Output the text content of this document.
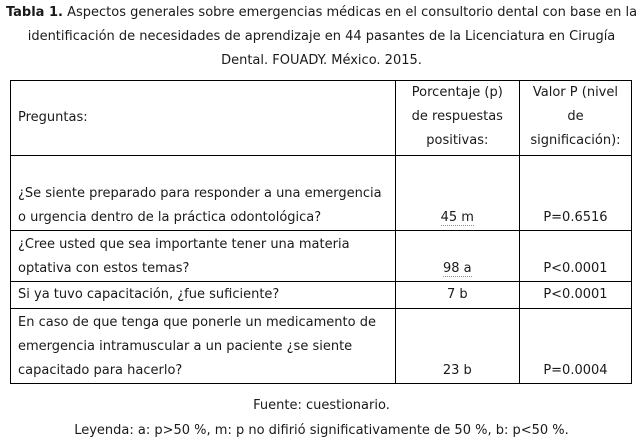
Tabla 1. Aspectos generales sobre emergencias médicas en el consultorio dental con base en la identificación de necesidades de aprendizaje en 44 pasantes de la Licenciatura en Cirugía Dental. FOUADY. México. 2015.
Preguntas:	Porcentaje (p) de respuestas positivas:	Valor P (nivel de significación):
¿Se siente preparado para responder a una emergencia o urgencia dentro de la práctica odontológica?	45 m	P=0.6516
¿Cree usted que sea importante tener una materia optativa con estos temas?	98 a	P<0.0001
Si ya tuvo capacitación, ¿fue suficiente?	7 b	P<0.0001
En caso de que tenga que ponerle un medicamento de emergencia intramuscular a un paciente ¿se siente capacitado para hacerlo?	23 b	P=0.0004
Fuente: cuestionario.
Leyenda: a: p>50 %, m: p no difirió significativamente de 50 %, b: p<50 %.
